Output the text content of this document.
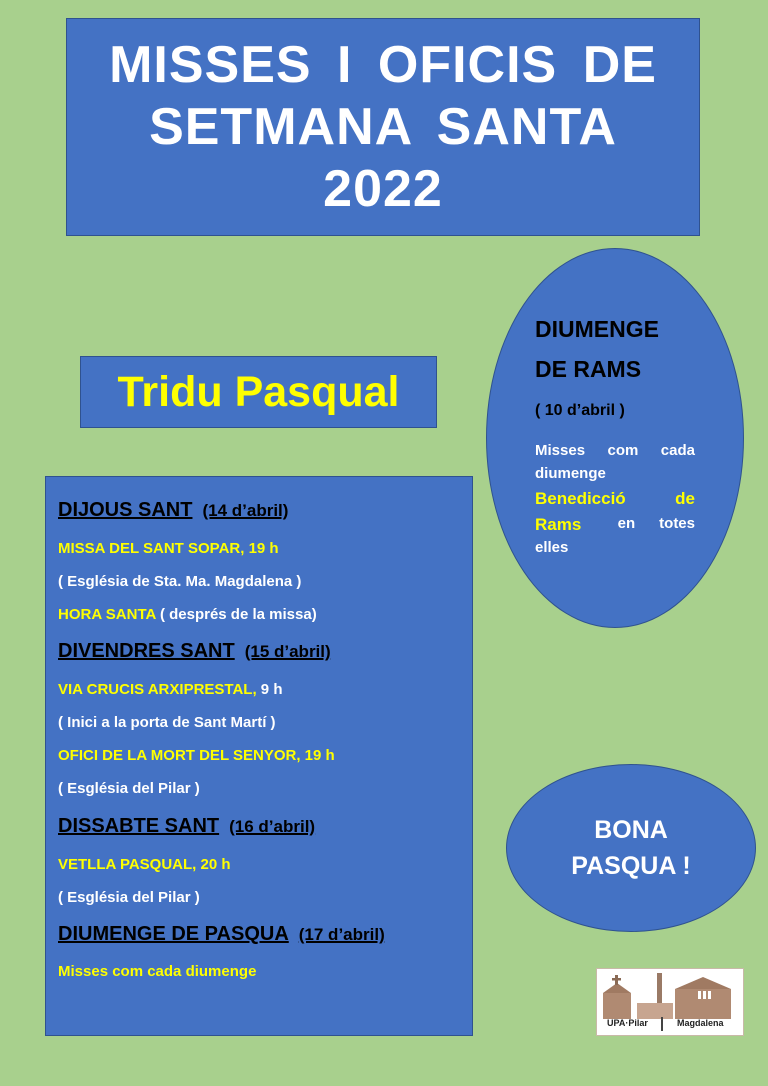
MISSES I OFICIS DE
SETMANA SANTA
2022
Tridu Pasqual
DIJOUS SANT (14 d’abril)
MISSA DEL SANT SOPAR, 19 h
( Església de Sta. Ma. Magdalena )
HORA SANTA ( després de la missa)
DIVENDRES SANT (15 d’abril)
VIA CRUCIS ARXIPRESTAL, 9 h
( Inici a la porta de Sant Martí )
OFICI DE LA MORT DEL SENYOR, 19 h
( Església del Pilar )
DISSABTE SANT (16 d’abril)
VETLLA PASQUAL, 20 h
( Església del Pilar )
DIUMENGE DE PASQUA (17 d’abril)
Misses com cada diumenge
DIUMENGE
DE RAMS
( 10 d’abril )
Misses com cada
diumenge
Benedicció	de
Rams en totes
elles
BONA
PASQUA !
UPA·Pilar	Magdalena
